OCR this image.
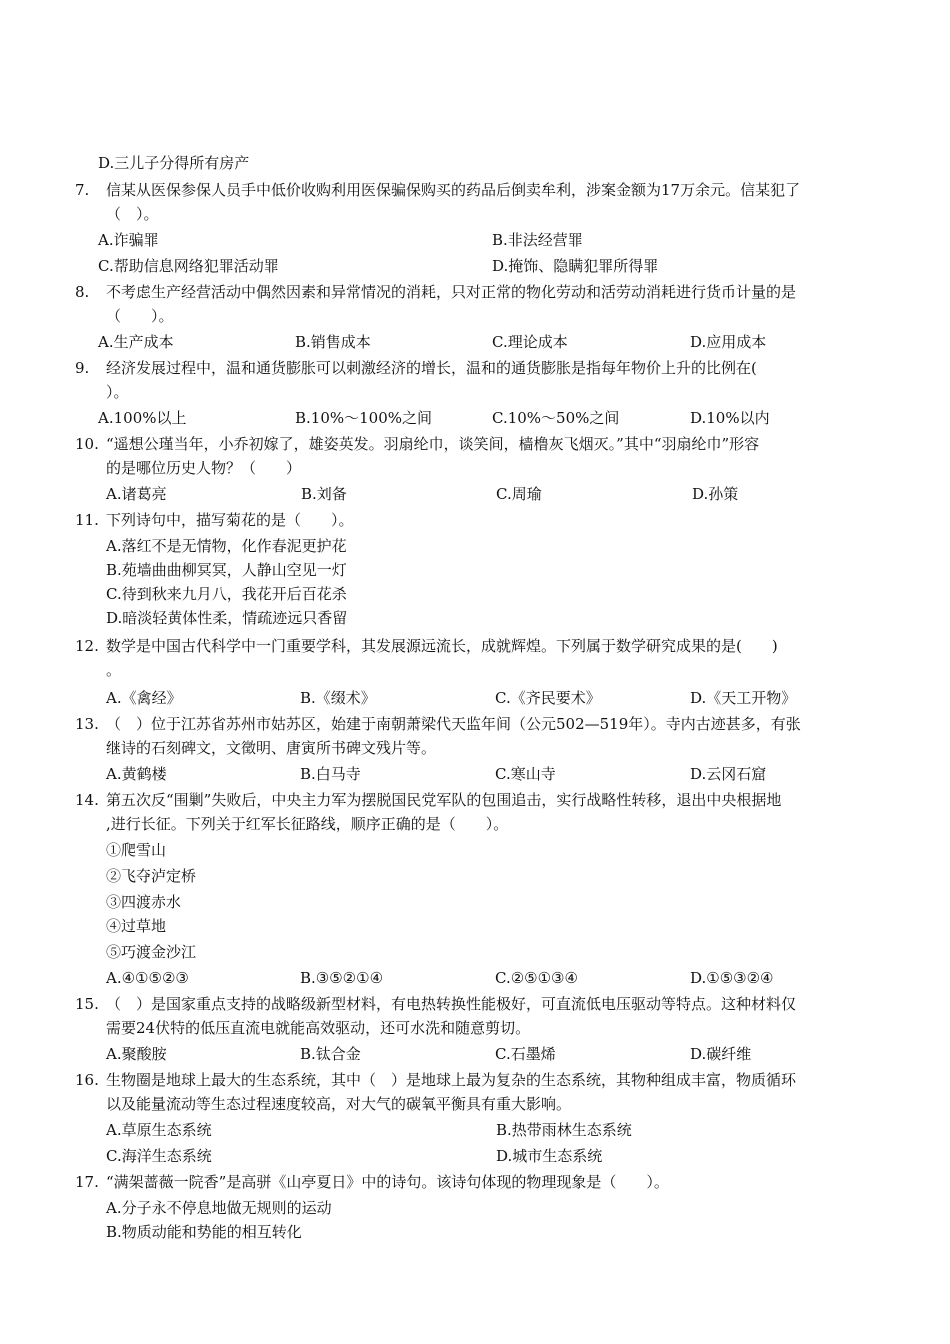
D.三儿子分得所有房产
7. 信某从医保参保人员手中低价收购利用医保骗保购买的药品后倒卖牟利，涉案金额为17万余元。信某犯了
（　）。
A.诈骗罪	B.非法经营罪
C.帮助信息网络犯罪活动罪	D.掩饰、隐瞒犯罪所得罪
8. 不考虑生产经营活动中偶然因素和异常情况的消耗，只对正常的物化劳动和活劳动消耗进行货币计量的是
（　　）。
A.生产成本	B.销售成本	C.理论成本	D.应用成本
9. 经济发展过程中，温和通货膨胀可以刺激经济的增长，温和的通货膨胀是指每年物价上升的比例在(
）。
A.100%以上	B.10%～100%之间	C.10%～50%之间	D.10%以内
10. “遥想公瑾当年，小乔初嫁了，雄姿英发。羽扇纶巾，谈笑间，樯橹灰飞烟灭。”其中“羽扇纶巾”形容
的是哪位历史人物？（　　）
A.诸葛亮	B.刘备	C.周瑜	D.孙策
11. 下列诗句中，描写菊花的是（　　）。
A.落红不是无情物，化作春泥更护花
B.苑墙曲曲柳冥冥，人静山空见一灯
C.待到秋来九月八，我花开后百花杀
D.暗淡轻黄体性柔，情疏迹远只香留
12. 数学是中国古代科学中一门重要学科，其发展源远流长，成就辉煌。下列属于数学研究成果的是(　　)
。
A.《禽经》	B.《缀术》	C.《齐民要术》	D.《天工开物》
13. （　）位于江苏省苏州市姑苏区，始建于南朝萧梁代天监年间（公元502—519年）。寺内古迹甚多，有张
继诗的石刻碑文，文徵明、唐寅所书碑文残片等。
A.黄鹤楼	B.白马寺	C.寒山寺	D.云冈石窟
14. 第五次反“围剿”失败后，中央主力军为摆脱国民党军队的包围追击，实行战略性转移，退出中央根据地
,进行长征。下列关于红军长征路线，顺序正确的是（　　）。
①爬雪山
②飞夺泸定桥
③四渡赤水
④过草地
⑤巧渡金沙江
A.④①⑤②③	B.③⑤②①④	C.②⑤①③④	D.①⑤③②④
15. （　）是国家重点支持的战略级新型材料，有电热转换性能极好，可直流低电压驱动等特点。这种材料仅
需要24伏特的低压直流电就能高效驱动，还可水洗和随意剪切。
A.聚酸胺	B.钛合金	C.石墨烯	D.碳纤维
16. 生物圈是地球上最大的生态系统，其中（　）是地球上最为复杂的生态系统，其物种组成丰富，物质循环
以及能量流动等生态过程速度较高，对大气的碳氧平衡具有重大影响。
A.草原生态系统	B.热带雨林生态系统
C.海洋生态系统	D.城市生态系统
17. “满架蔷薇一院香”是高骈《山亭夏日》中的诗句。该诗句体现的物理现象是（　　）。
A.分子永不停息地做无规则的运动
B.物质动能和势能的相互转化
